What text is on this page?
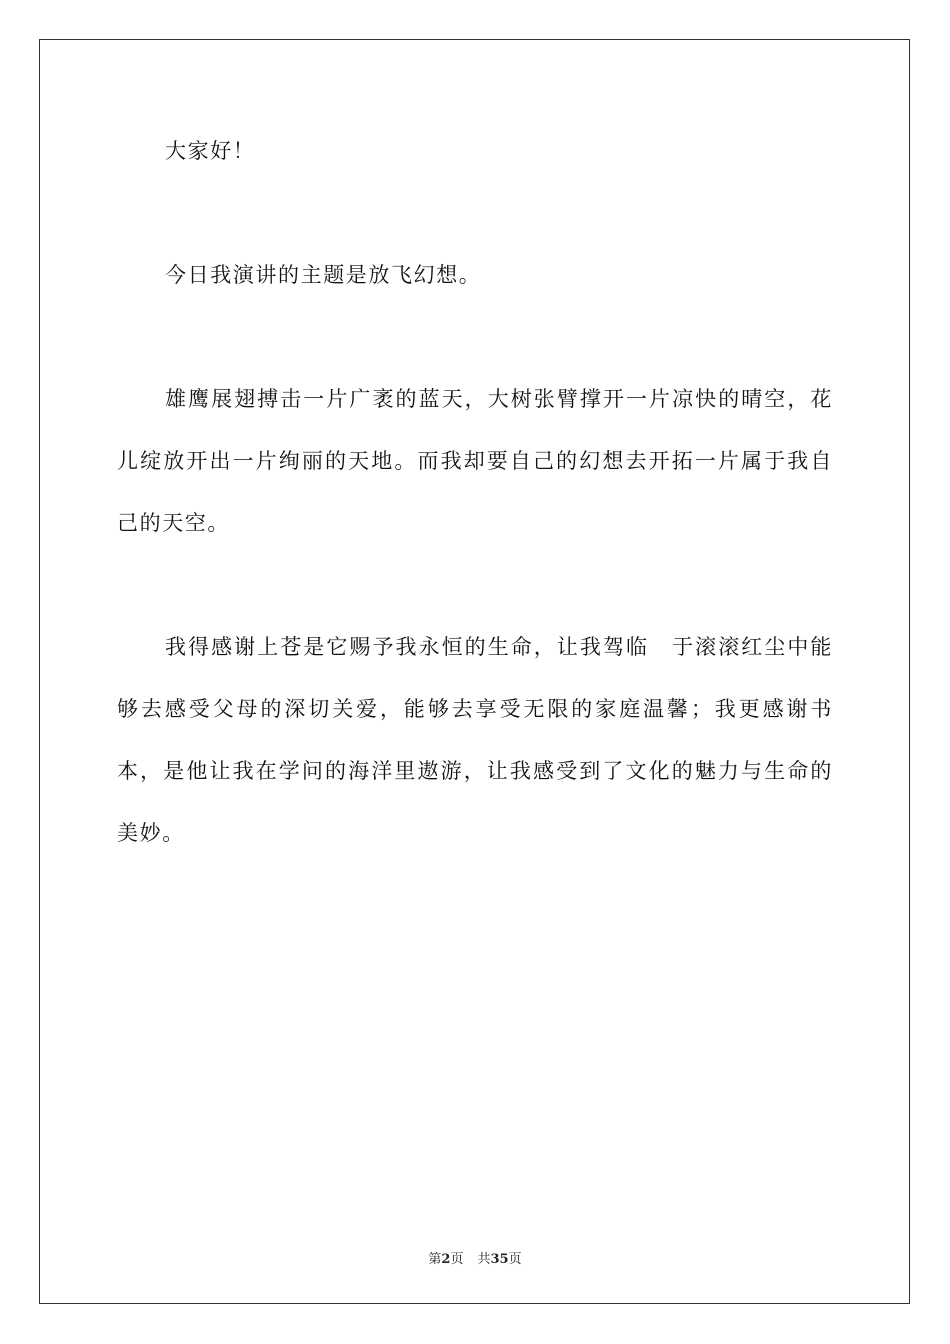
大家好！

今日我演讲的主题是放飞幻想。

雄鹰展翅搏击一片广袤的蓝天，大树张臂撑开一片凉快的晴空，花儿绽放开出一片绚丽的天地。而我却要自己的幻想去开拓一片属于我自己的天空。

我得感谢上苍是它赐予我永恒的生命，让我驾临　于滚滚红尘中能够去感受父母的深切关爱，能够去享受无限的家庭温馨；我更感谢书本，是他让我在学问的海洋里遨游，让我感受到了文化的魅力与生命的美妙。

第2页 共35页
